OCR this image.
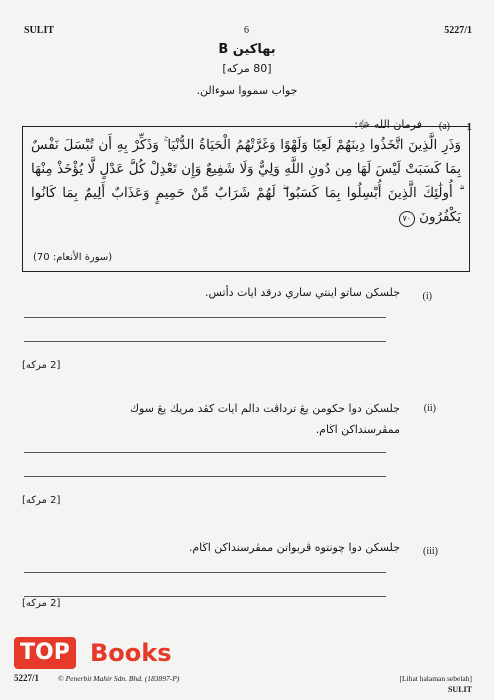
SULIT	6	5227/1
بهاكين B
[80 مركه]
جواب سمووا سوءالن.
1
(a)
فرمان الله ﷻ:
وَذَرِ الَّذِينَ اتَّخَذُوا دِينَهُمْ لَعِبًا وَلَهْوًا وَغَرَّتْهُمُ الْحَيَاةُ الدُّنْيَا ۚ وَذَكِّرْ بِهِ أَن تُبْسَلَ نَفْسٌ بِمَا كَسَبَتْ لَيْسَ لَهَا مِن دُونِ اللَّهِ وَلِيٌّ وَلَا شَفِيعٌ وَإِن تَعْدِلْ كُلَّ عَدْلٍ لَّا يُؤْخَذْ مِنْهَا ۗ أُولَٰئِكَ الَّذِينَ أُبْسِلُوا بِمَا كَسَبُوا ۖ لَهُمْ شَرَابٌ مِّنْ حَمِيمٍ وَعَذَابٌ أَلِيمٌ بِمَا كَانُوا يَكْفُرُونَ ٧٠
(سورة الأنعام: 70)
(i)
جلسكن ساتو اينتي ساري درقد ايات دأتس.
[2 مركه]
(ii)
جلسكن دوا حكومن يڠ ترداڤت دالم ايات كڤد مريك يڠ سوك ممڤرسنداكن اڬام.
[2 مركه]
(iii)
جلسكن دوا چونتوه ڤربواتن ممڤرسنداكن اڬام.
[2 مركه]
TOP Books
5227/1	© Penerbit Mahir Sdn. Bhd. (183897-P)	[Lihat halaman sebelah]
SULIT
